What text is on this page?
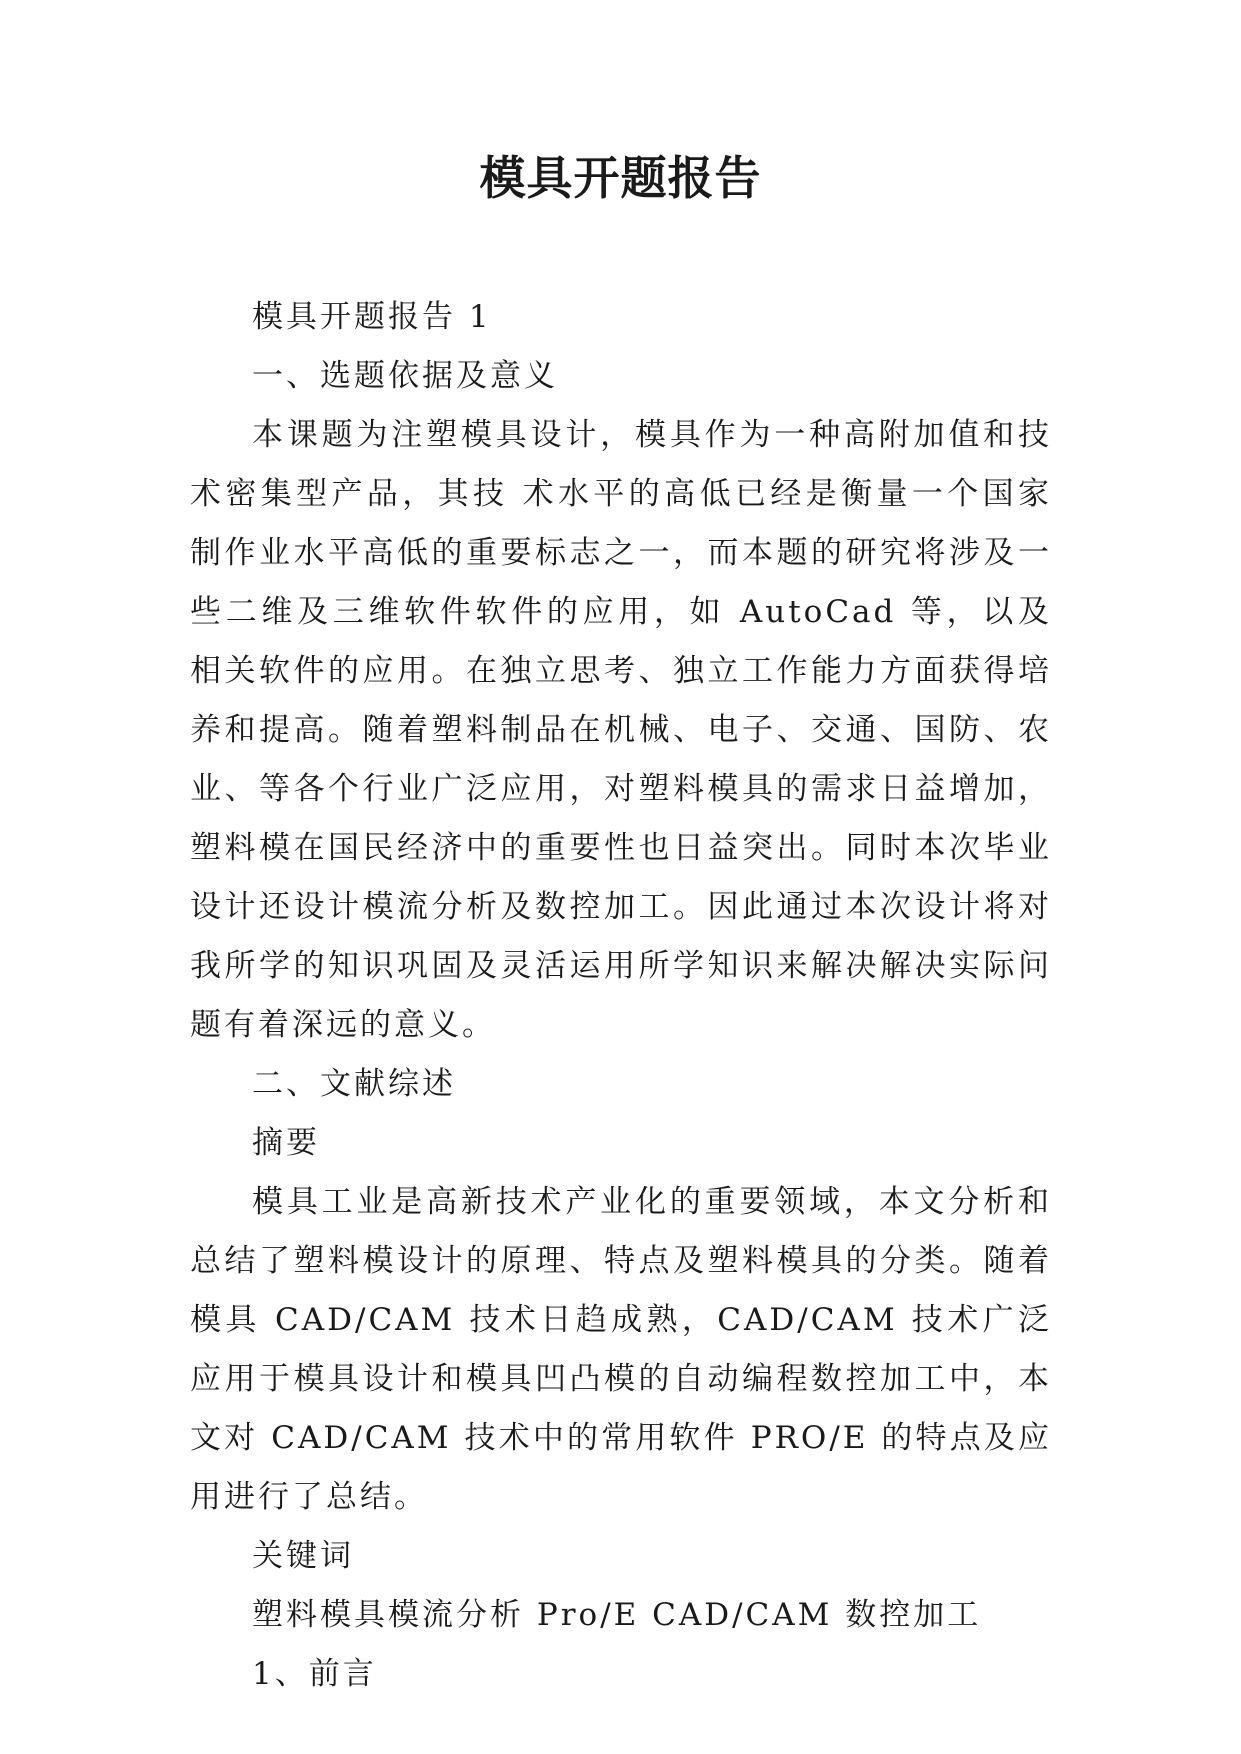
模具开题报告

模具开题报告 1

一、选题依据及意义

本课题为注塑模具设计，模具作为一种高附加值和技术密集型产品，其技 术水平的高低已经是衡量一个国家制作业水平高低的重要标志之一，而本题的研究将涉及一些二维及三维软件软件的应用，如 AutoCad 等，以及相关软件的应用。在独立思考、独立工作能力方面获得培养和提高。随着塑料制品在机械、电子、交通、国防、农业、等各个行业广泛应用，对塑料模具的需求日益增加，塑料模在国民经济中的重要性也日益突出。同时本次毕业设计还设计模流分析及数控加工。因此通过本次设计将对我所学的知识巩固及灵活运用所学知识来解决解决实际问题有着深远的意义。

二、文献综述

摘要

模具工业是高新技术产业化的重要领域，本文分析和总结了塑料模设计的原理、特点及塑料模具的分类。随着模具 CAD/CAM 技术日趋成熟，CAD/CAM 技术广泛应用于模具设计和模具凹凸模的自动编程数控加工中，本文对 CAD/CAM 技术中的常用软件 PRO/E 的特点及应用进行了总结。

关键词

塑料模具模流分析 Pro/E CAD/CAM 数控加工

1、前言
